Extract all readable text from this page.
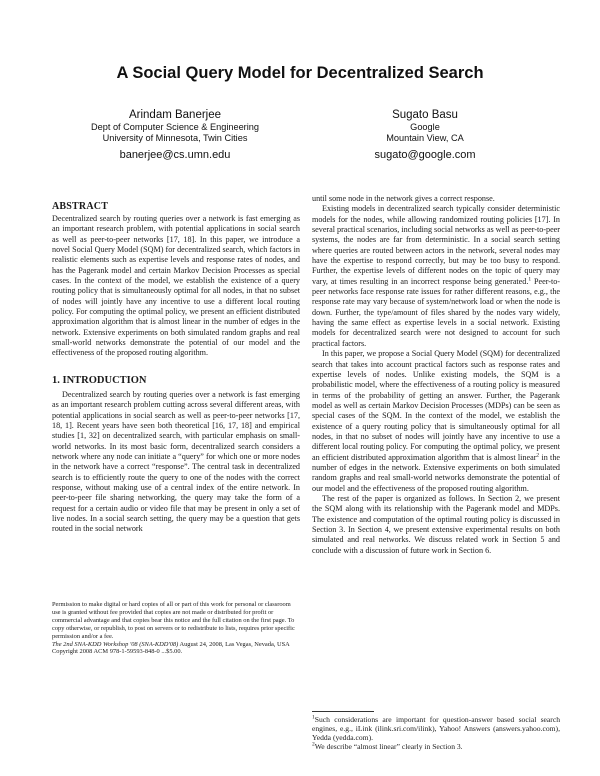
A Social Query Model for Decentralized Search
Arindam Banerjee
Dept of Computer Science & Engineering
University of Minnesota, Twin Cities
banerjee@cs.umn.edu
Sugato Basu
Google
Mountain View, CA
sugato@google.com
ABSTRACT

Decentralized search by routing queries over a network is fast emerging as an important research problem, with potential applications in social search as well as peer-to-peer networks [17, 18]. In this paper, we introduce a novel Social Query Model (SQM) for decentralized search, which factors in realistic elements such as expertise levels and response rates of nodes, and has the Pagerank model and certain Markov Decision Processes as special cases. In the context of the model, we establish the existence of a query routing policy that is simultaneously optimal for all nodes, in that no subset of nodes will jointly have any incentive to use a different local routing policy. For computing the optimal policy, we present an efficient distributed approximation algorithm that is almost linear in the number of edges in the network. Extensive experiments on both simulated random graphs and real small-world networks demonstrate the potential of our model and the effectiveness of the proposed routing algorithm.

1. INTRODUCTION

Decentralized search by routing queries over a network is fast emerging as an important research problem cutting across several different areas, with potential applications in social search as well as peer-to-peer networks [17, 18, 1]. Recent years have seen both theoretical [16, 17, 18] and empirical studies [1, 32] on decentralized search, with particular emphasis on small-world networks. In its most basic form, decentralized search considers a network where any node can initiate a “query” for which one or more nodes in the network have a correct “response”. The central task in decentralized search is to efficiently route the query to one of the nodes with the correct response, without making use of a central index of the entire network. In peer-to-peer file sharing networking, the query may take the form of a request for a certain audio or video file that may be present in only a set of live nodes. In a social search setting, the query may be a question that gets routed in the social network

Permission to make digital or hard copies of all or part of this work for personal or classroom use is granted without fee provided that copies are not made or distributed for profit or commercial advantage and that copies bear this notice and the full citation on the first page. To copy otherwise, or republish, to post on servers or to redistribute to lists, requires prior specific permission and/or a fee.

The 2nd SNA-KDD Workshop '08 (SNA-KDD'08) August 24, 2008, Las Vegas, Nevada, USA

Copyright 2008 ACM 978-1-59593-848-0 ...$5.00.

until some node in the network gives a correct response.

Existing models in decentralized search typically consider deterministic models for the nodes, while allowing randomized routing policies [17]. In several practical scenarios, including social networks as well as peer-to-peer systems, the nodes are far from deterministic. In a social search setting where queries are routed between actors in the network, several nodes may have the expertise to respond correctly, but may be too busy to respond. Further, the expertise levels of different nodes on the topic of query may vary, at times resulting in an incorrect response being generated.$^1$ Peer-to-peer networks face response rate issues for rather different reasons, e.g., the response rate may vary because of system/network load or when the node is down. Further, the type/amount of files shared by the nodes vary widely, having the same effect as expertise levels in a social network. Existing models for decentralized search were not designed to account for such practical factors.

In this paper, we propose a Social Query Model (SQM) for decentralized search that takes into account practical factors such as response rates and expertise levels of nodes. Unlike existing models, the SQM is a probabilistic model, where the effectiveness of a routing policy is measured in terms of the probability of getting an answer. Further, the Pagerank model as well as certain Markov Decision Processes (MDPs) can be seen as special cases of the SQM. In the context of the model, we establish the existence of a query routing policy that is simultaneously optimal for all nodes, in that no subset of nodes will jointly have any incentive to use a different local routing policy. For computing the optimal policy, we present an efficient distributed approximation algorithm that is almost linear$^2$ in the number of edges in the network. Extensive experiments on both simulated random graphs and real small-world networks demonstrate the potential of our model and the effectiveness of the proposed routing algorithm.

The rest of the paper is organized as follows. In Section 2, we present the SQM along with its relationship with the Pagerank model and MDPs. The existence and computation of the optimal routing policy is discussed in Section 3. In Section 4, we present extensive experimental results on both simulated and real networks. We discuss related work in Section 5 and conclude with a discussion of future work in Section 6.

$^1$Such considerations are important for question-answer based social search engines, e.g., iLink (ilink.sri.com/ilink), Yahoo! Answers (answers.yahoo.com), Yedda (yedda.com).

$^2$We describe “almost linear” clearly in Section 3.
